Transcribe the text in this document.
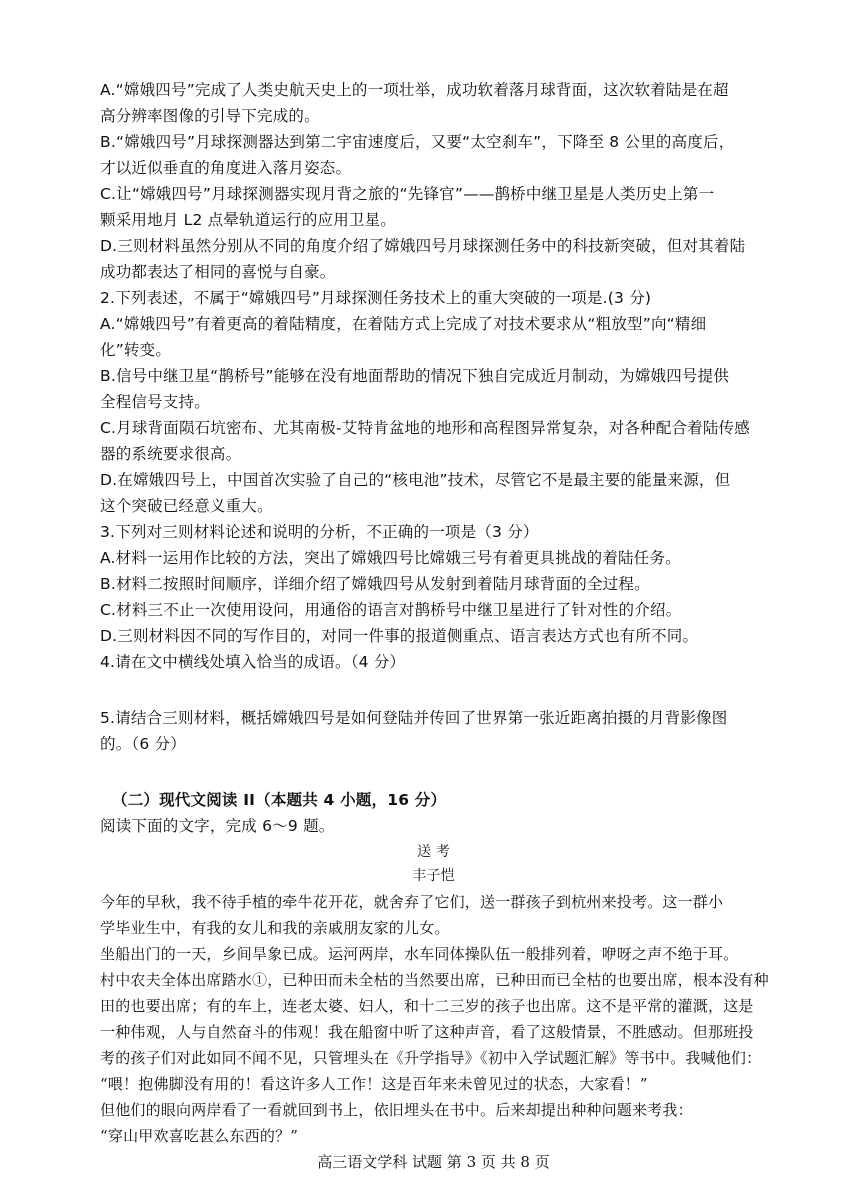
A.“嫦娥四号”完成了人类史航天史上的一项壮举，成功软着落月球背面，这次软着陆是在超
高分辨率图像的引导下完成的。
B.“嫦娥四号”月球探测器达到第二宇宙速度后，又要“太空刹车”，下降至 8 公里的高度后，
才以近似垂直的角度进入落月姿态。
C.让“嫦娥四号”月球探测器实现月背之旅的“先锋官”——鹊桥中继卫星是人类历史上第一
颗采用地月 L2 点晕轨道运行的应用卫星。
D.三则材料虽然分别从不同的角度介绍了嫦娥四号月球探测任务中的科技新突破，但对其着陆
成功都表达了相同的喜悦与自豪。
2.下列表述，不属于“嫦娥四号”月球探测任务技术上的重大突破的一项是.(3 分)
A.“嫦娥四号”有着更高的着陆精度，在着陆方式上完成了对技术要求从“粗放型”向“精细
化”转变。
B.信号中继卫星“鹊桥号”能够在没有地面帮助的情况下独自完成近月制动，为嫦娥四号提供
全程信号支持。
C.月球背面陨石坑密布、尤其南极-艾特肯盆地的地形和高程图异常复杂，对各种配合着陆传感
器的系统要求很高。
D.在嫦娥四号上，中国首次实验了自己的“核电池”技术，尽管它不是最主要的能量来源，但
这个突破已经意义重大。
3.下列对三则材料论述和说明的分析，不正确的一项是（3 分）
A.材料一运用作比较的方法，突出了嫦娥四号比嫦娥三号有着更具挑战的着陆任务。
B.材料二按照时间顺序，详细介绍了嫦娥四号从发射到着陆月球背面的全过程。
C.材料三不止一次使用设问，用通俗的语言对鹊桥号中继卫星进行了针对性的介绍。
D.三则材料因不同的写作目的，对同一件事的报道侧重点、语言表达方式也有所不同。
4.请在文中横线处填入恰当的成语。（4 分）
5.请结合三则材料，概括嫦娥四号是如何登陆并传回了世界第一张近距离拍摄的月背影像图
的。（6 分）
（二）现代文阅读 II（本题共 4 小题，16 分）
阅读下面的文字，完成 6～9 题。
送 考
丰子恺
今年的早秋，我不待手植的牵牛花开花，就舍弃了它们，送一群孩子到杭州来投考。这一群小
学毕业生中，有我的女儿和我的亲戚朋友家的儿女。
坐船出门的一天，乡间旱象已成。运河两岸，水车同体操队伍一般排列着，咿呀之声不绝于耳。
村中农夫全体出席踏水①，已种田而未全枯的当然要出席，已种田而已全枯的也要出席，根本没有种
田的也要出席；有的车上，连老太婆、妇人，和十二三岁的孩子也出席。这不是平常的灌溉，这是
一种伟观，人与自然奋斗的伟观！我在船窗中听了这种声音，看了这般情景，不胜感动。但那班投
考的孩子们对此如同不闻不见，只管埋头在《升学指导》《初中入学试题汇解》等书中。我喊他们：
“喂！抱佛脚没有用的！看这许多人工作！这是百年来未曾见过的状态，大家看！”
但他们的眼向两岸看了一看就回到书上，依旧埋头在书中。后来却提出种种问题来考我：
“穿山甲欢喜吃甚么东西的？”
高三语文学科 试题 第 3 页 共 8 页
